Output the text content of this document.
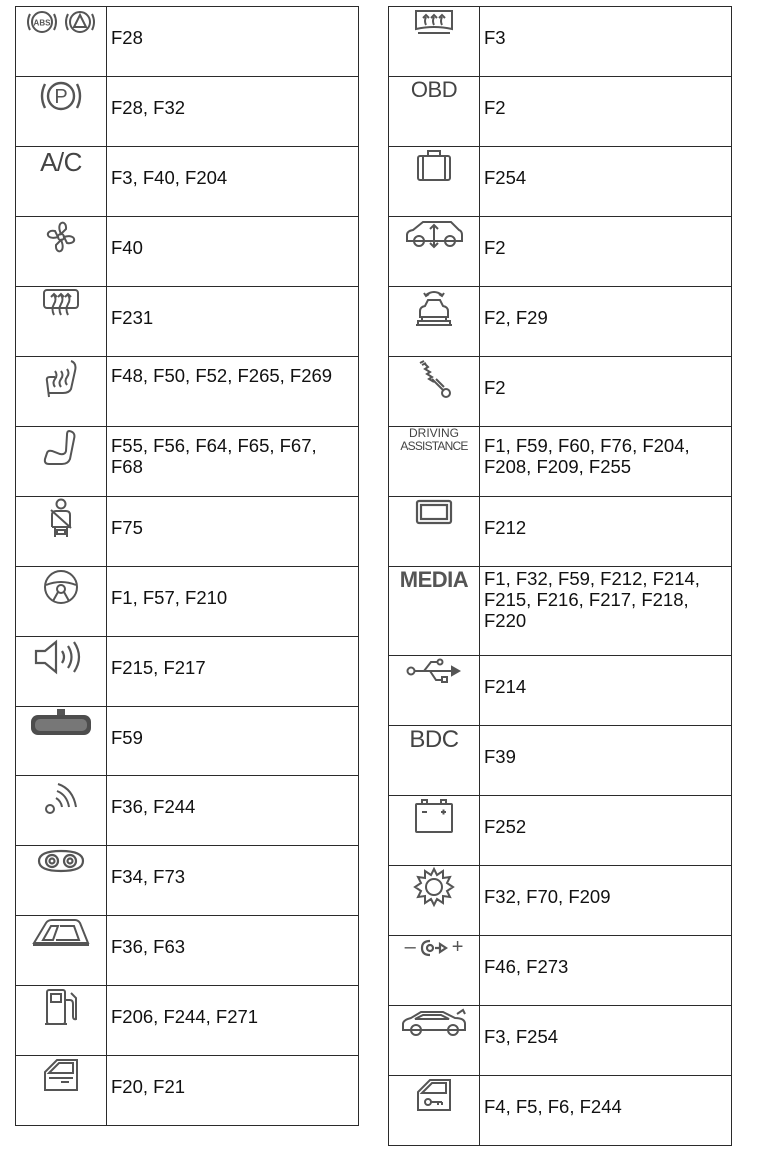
ABS	F28

P	F28, F32

A/C	F3, F40, F204

F40

F231

F48, F50, F52, F265, F269

F55, F56, F64, F65, F67, F68

F75

F1, F57, F210

F215, F217

F59

F36, F244

F34, F73

F36, F63

F206, F244, F271

F20, F21

F3

OBD	F2

F254

F2

F2, F29

F2

DRIVING
ASSISTANCE	F1, F59, F60, F76, F204, F208, F209, F255

F212

MEDIA	F1, F32, F59, F212, F214, F215, F216, F217, F218, F220

F214

BDC	F39

F252

F32, F70, F209

– +	F46, F273

F3, F254

F4, F5, F6, F244
